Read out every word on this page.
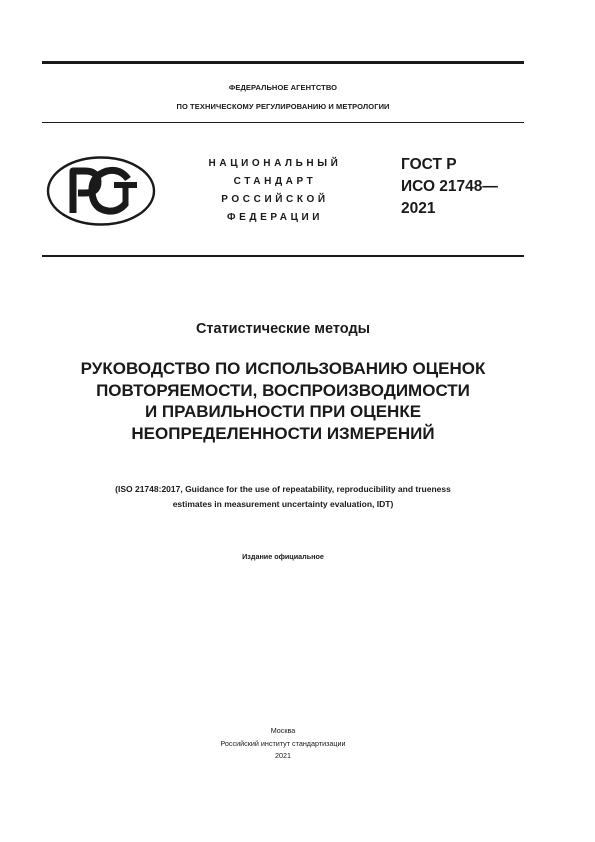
ФЕДЕРАЛЬНОЕ АГЕНТСТВО
ПО ТЕХНИЧЕСКОМУ РЕГУЛИРОВАНИЮ И МЕТРОЛОГИИ
НАЦИОНАЛЬНЫЙ
СТАНДАРТ
РОССИЙСКОЙ
ФЕДЕРАЦИИ
ГОСТ Р
ИСО 21748—
2021
Статистические методы
РУКОВОДСТВО ПО ИСПОЛЬЗОВАНИЮ ОЦЕНОК
ПОВТОРЯЕМОСТИ, ВОСПРОИЗВОДИМОСТИ
И ПРАВИЛЬНОСТИ ПРИ ОЦЕНКЕ
НЕОПРЕДЕЛЕННОСТИ ИЗМЕРЕНИЙ
(ISO 21748:2017, Guidance for the use of repeatability, reproducibility and trueness
estimates in measurement uncertainty evaluation, IDT)
Издание официальное
Москва
Российский институт стандартизации
2021
